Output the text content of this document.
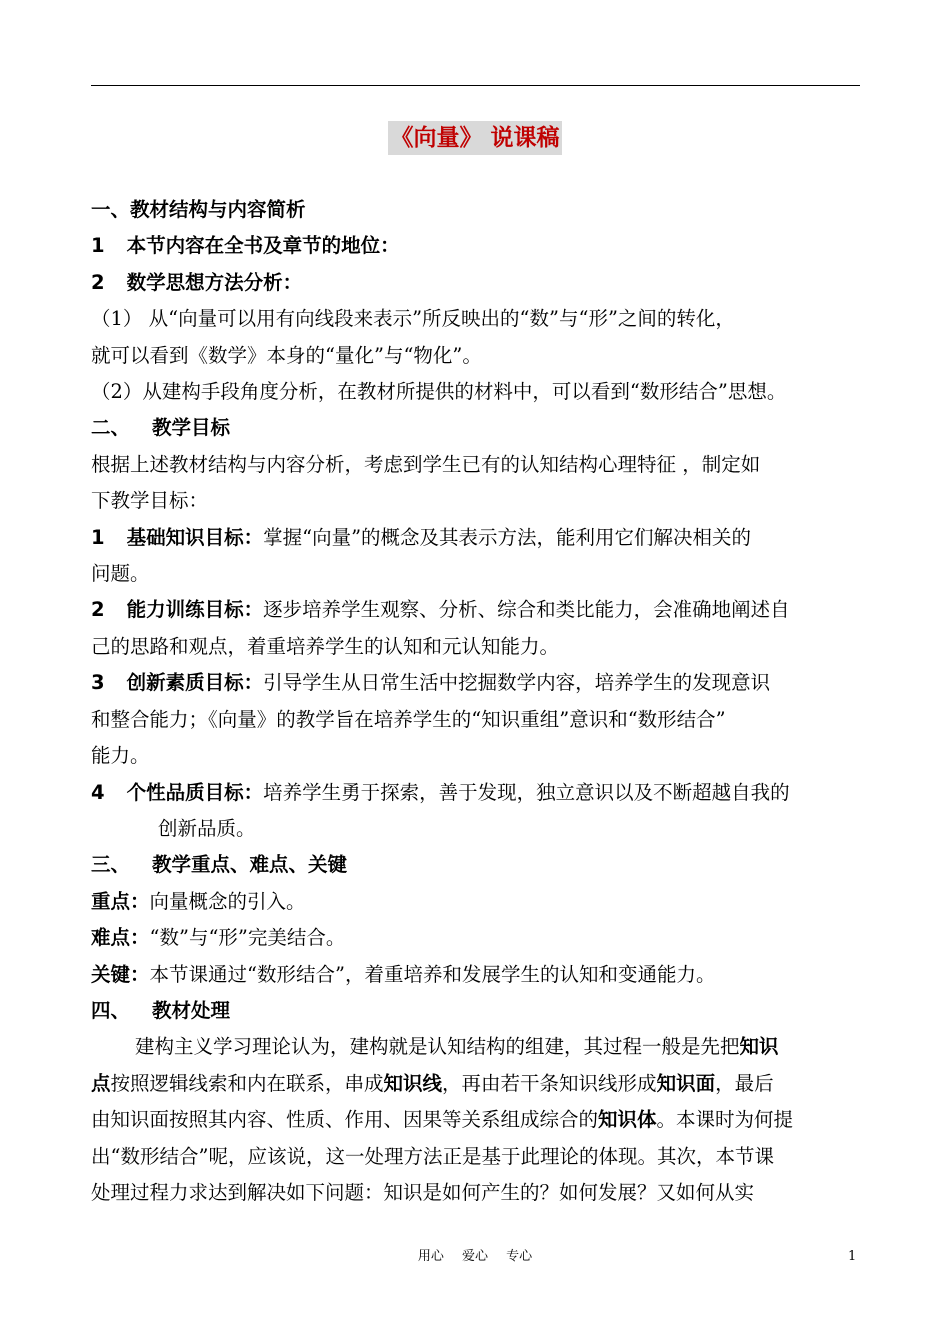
《向量》 说课稿

一、教材结构与内容简析

1 本节内容在全书及章节的地位：

2 数学思想方法分析：

（1） 从“向量可以用有向线段来表示”所反映出的“数”与“形”之间的转化，

就可以看到《数学》本身的“量化”与“物化”。

（2）从建构手段角度分析，在教材所提供的材料中，可以看到“数形结合”思想。

二、 教学目标

根据上述教材结构与内容分析，考虑到学生已有的认知结构心理特征 ，制定如

下教学目标：

1 基础知识目标：掌握“向量”的概念及其表示方法，能利用它们解决相关的

问题。

2 能力训练目标：逐步培养学生观察、分析、综合和类比能力，会准确地阐述自

己的思路和观点，着重培养学生的认知和元认知能力。

3 创新素质目标：引导学生从日常生活中挖掘数学内容，培养学生的发现意识

和整合能力；《向量》的教学旨在培养学生的“知识重组”意识和“数形结合”

能力。

4 个性品质目标：培养学生勇于探索，善于发现，独立意识以及不断超越自我的

创新品质。

三、 教学重点、难点、关键

重点：向量概念的引入。

难点：“数”与“形”完美结合。

关键：本节课通过“数形结合”，着重培养和发展学生的认知和变通能力。

四、 教材处理

建构主义学习理论认为，建构就是认知结构的组建，其过程一般是先把知识

点按照逻辑线索和内在联系，串成知识线，再由若干条知识线形成知识面，最后

由知识面按照其内容、性质、作用、因果等关系组成综合的知识体。本课时为何提

出“数形结合”呢，应该说，这一处理方法正是基于此理论的体现。其次，本节课

处理过程力求达到解决如下问题：知识是如何产生的？如何发展？又如何从实

用心 爱心 专心	1
